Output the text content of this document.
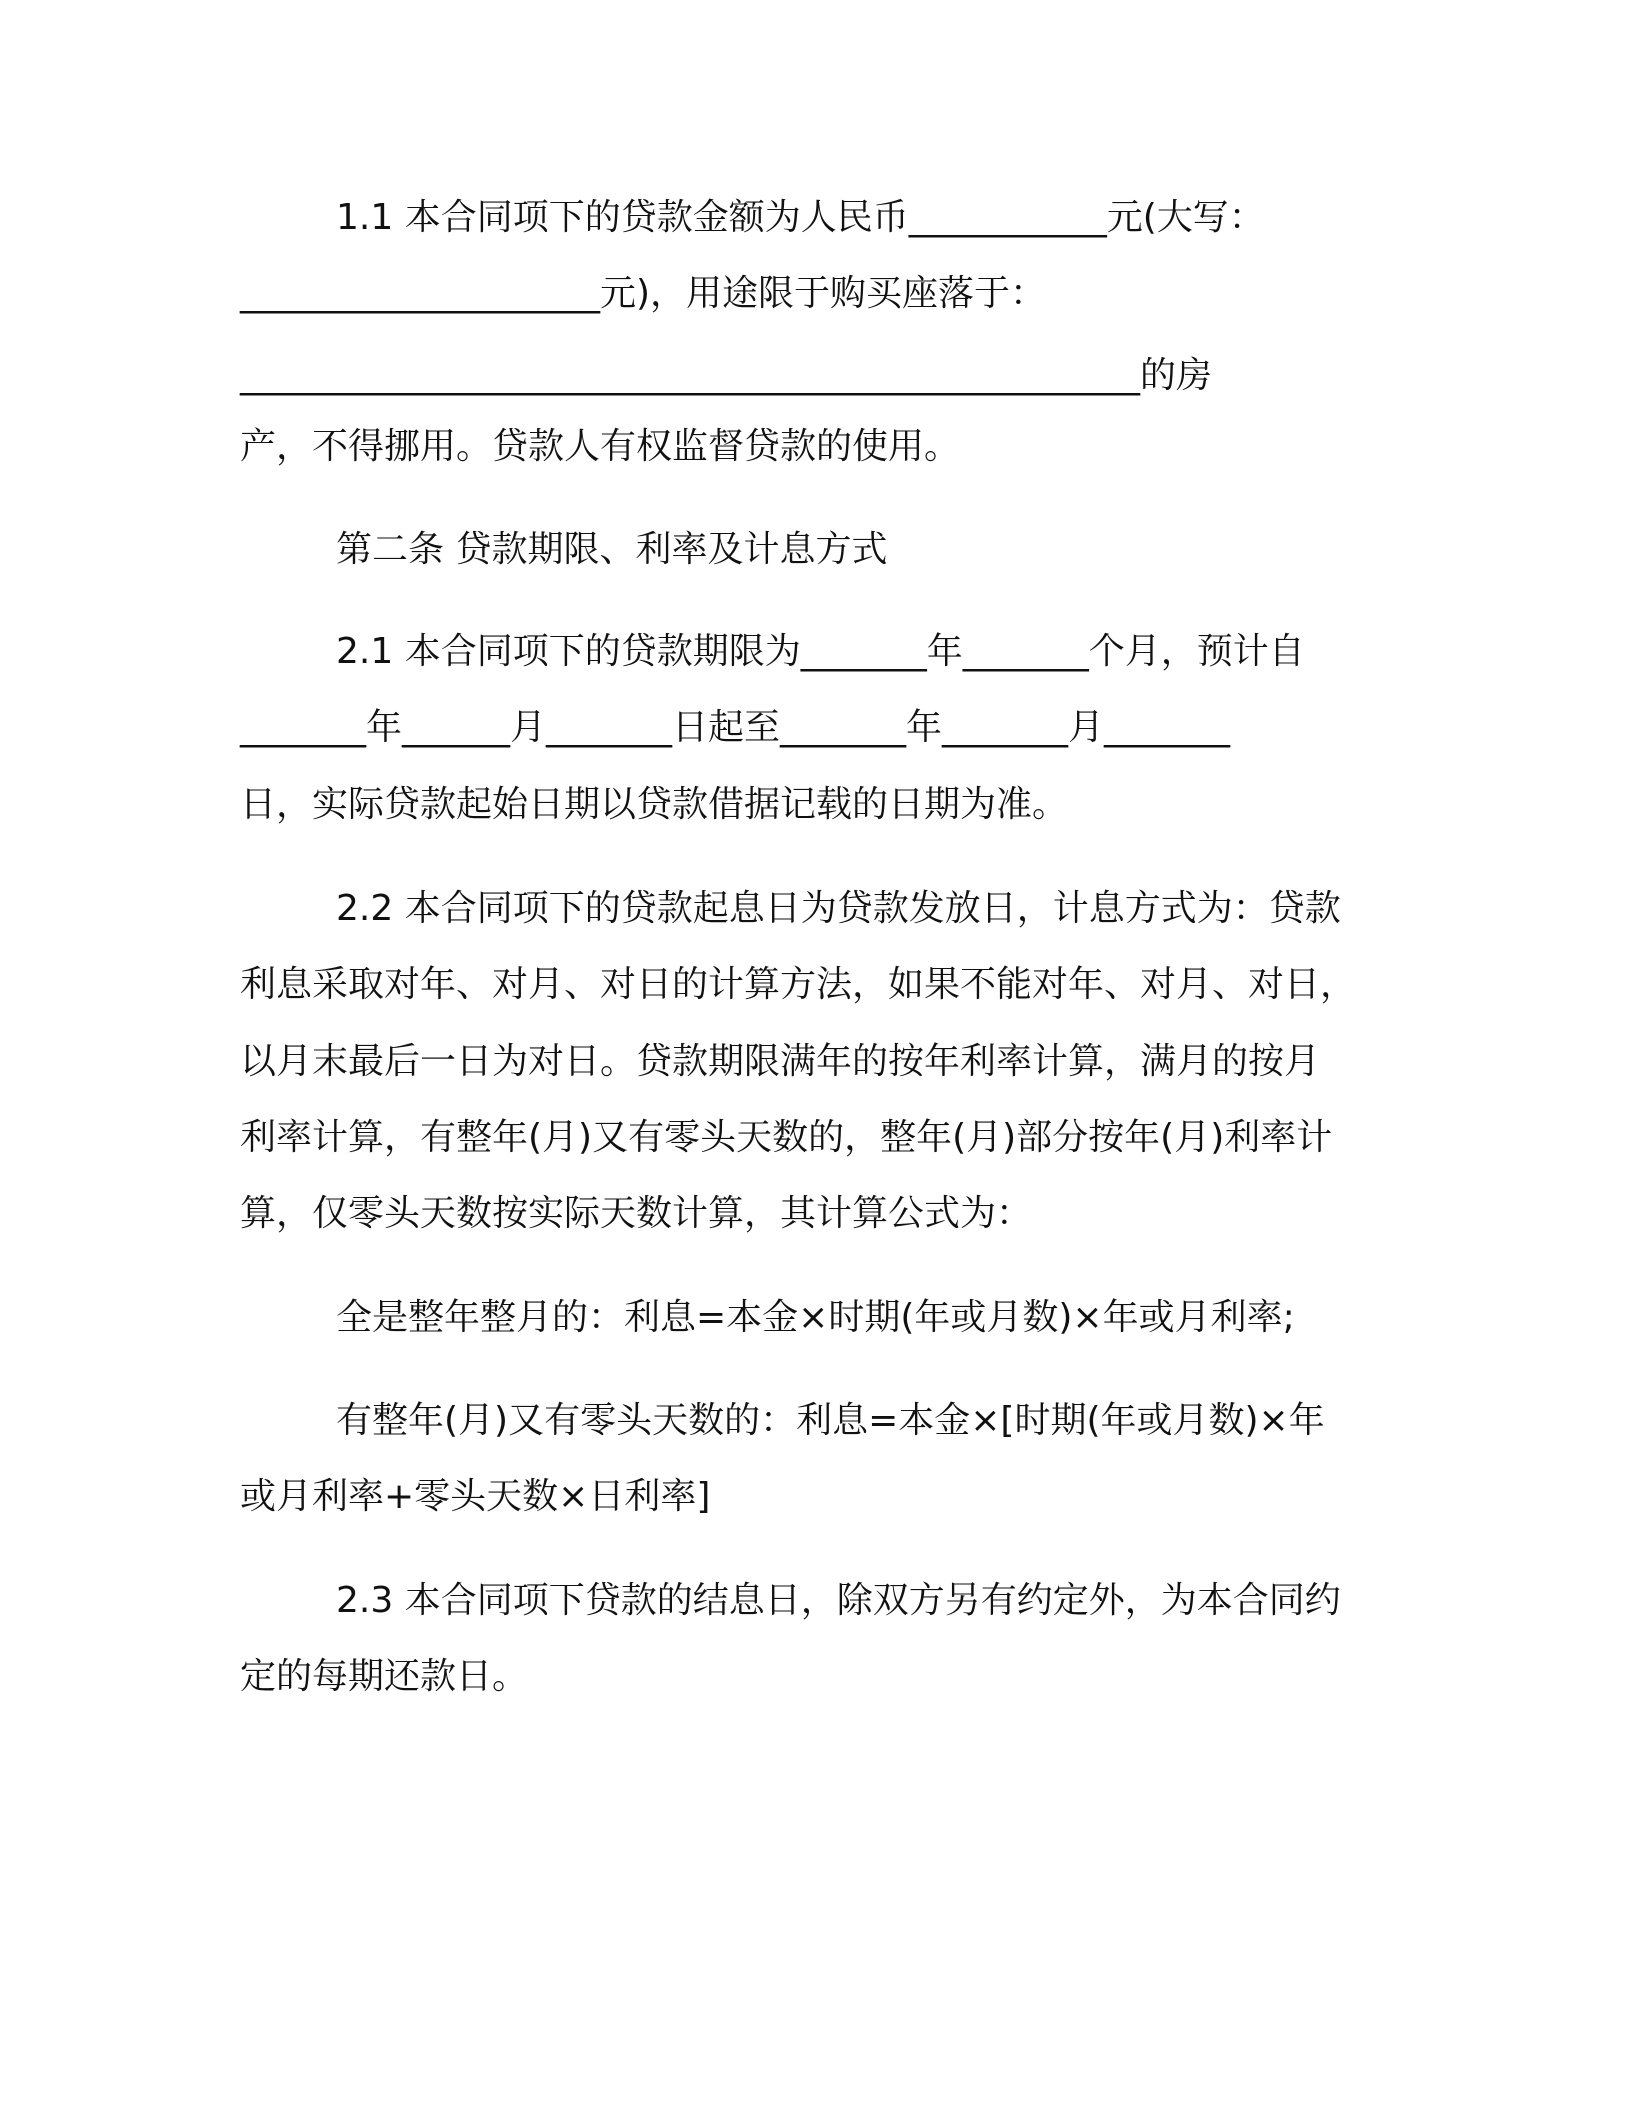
1.1 本合同项下的贷款金额为人民币___________元(大写：

____________________元)，用途限于购买座落于：

__________________________________________________的房

产，不得挪用。贷款人有权监督贷款的使用。

第二条 贷款期限、利率及计息方式

2.1 本合同项下的贷款期限为_______年_______个月，预计自

_______年______月_______日起至_______年_______月_______

日，实际贷款起始日期以贷款借据记载的日期为准。

2.2 本合同项下的贷款起息日为贷款发放日，计息方式为：贷款

利息采取对年、对月、对日的计算方法，如果不能对年、对月、对日，

以月末最后一日为对日。贷款期限满年的按年利率计算，满月的按月

利率计算，有整年(月)又有零头天数的，整年(月)部分按年(月)利率计

算，仅零头天数按实际天数计算，其计算公式为：

全是整年整月的：利息=本金×时期(年或月数)×年或月利率;

有整年(月)又有零头天数的：利息=本金×[时期(年或月数)×年

或月利率+零头天数×日利率]

2.3 本合同项下贷款的结息日，除双方另有约定外，为本合同约

定的每期还款日。
